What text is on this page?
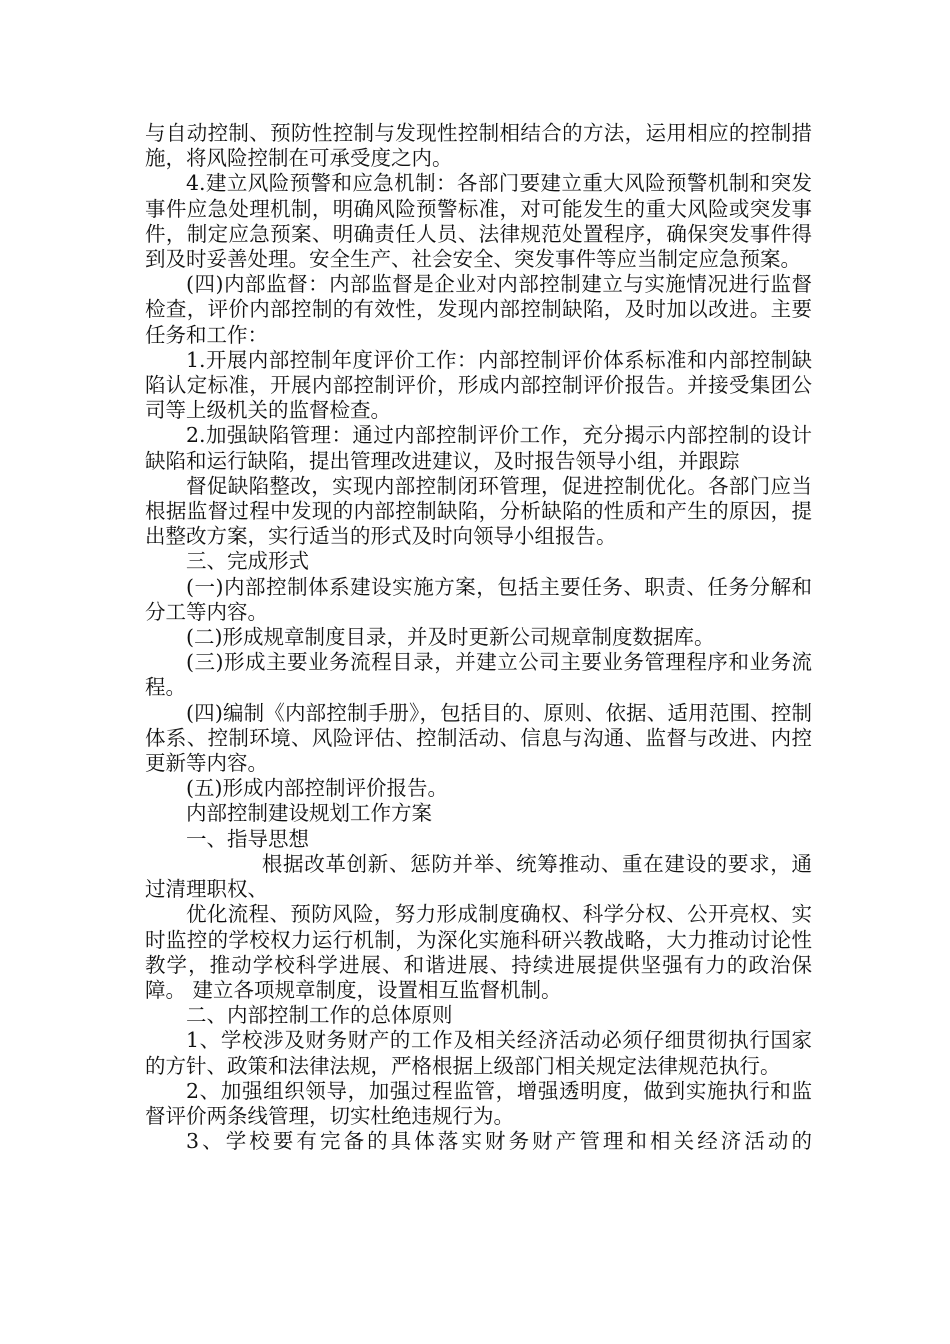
与自动控制、预防性控制与发现性控制相结合的方法，运用相应的控制措施，将风险控制在可承受度之内。

4.建立风险预警和应急机制：各部门要建立重大风险预警机制和突发事件应急处理机制，明确风险预警标准，对可能发生的重大风险或突发事件，制定应急预案、明确责任人员、法律规范处置程序，确保突发事件得到及时妥善处理。安全生产、社会安全、突发事件等应当制定应急预案。

(四)内部监督：内部监督是企业对内部控制建立与实施情况进行监督检查，评价内部控制的有效性，发现内部控制缺陷，及时加以改进。主要任务和工作：

1.开展内部控制年度评价工作：内部控制评价体系标准和内部控制缺陷认定标准，开展内部控制评价，形成内部控制评价报告。并接受集团公司等上级机关的监督检查。

2.加强缺陷管理：通过内部控制评价工作，充分揭示内部控制的设计缺陷和运行缺陷，提出管理改进建议，及时报告领导小组，并跟踪

督促缺陷整改，实现内部控制闭环管理，促进控制优化。各部门应当根据监督过程中发现的内部控制缺陷，分析缺陷的性质和产生的原因，提出整改方案，实行适当的形式及时向领导小组报告。

三、完成形式

(一)内部控制体系建设实施方案，包括主要任务、职责、任务分解和分工等内容。

(二)形成规章制度目录，并及时更新公司规章制度数据库。

(三)形成主要业务流程目录，并建立公司主要业务管理程序和业务流程。

(四)编制《内部控制手册》，包括目的、原则、依据、适用范围、控制体系、控制环境、风险评估、控制活动、信息与沟通、监督与改进、内控更新等内容。

(五)形成内部控制评价报告。

内部控制建设规划工作方案

一、指导思想

根据改革创新、惩防并举、统筹推动、重在建设的要求，通过清理职权、

优化流程、预防风险，努力形成制度确权、科学分权、公开亮权、实时监控的学校权力运行机制，为深化实施科研兴教战略，大力推动讨论性教学，推动学校科学进展、和谐进展、持续进展提供坚强有力的政治保障。 建立各项规章制度，设置相互监督机制。

二、内部控制工作的总体原则

1、学校涉及财务财产的工作及相关经济活动必须仔细贯彻执行国家的方针、政策和法律法规，严格根据上级部门相关规定法律规范执行。

2、加强组织领导，加强过程监管，增强透明度，做到实施执行和监督评价两条线管理，切实杜绝违规行为。

3、学校要有完备的具体落实财务财产管理和相关经济活动的
